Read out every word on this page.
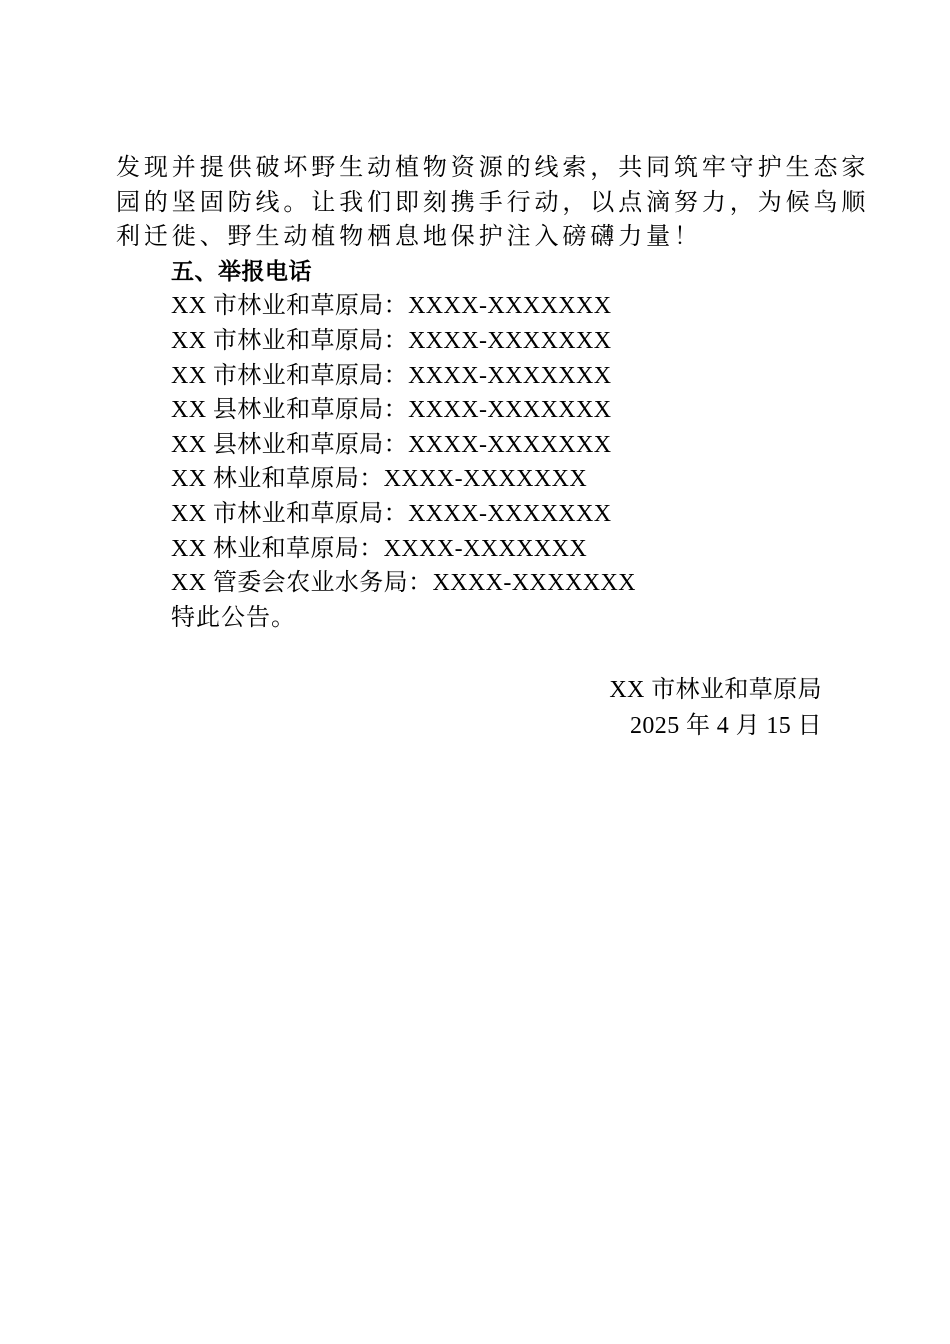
发现并提供破坏野生动植物资源的线索，共同筑牢守护生态家
园的坚固防线。让我们即刻携手行动，以点滴努力，为候鸟顺
利迁徙、野生动植物栖息地保护注入磅礴力量！
五、举报电话
XX 市林业和草原局：XXXX-XXXXXXX
XX 市林业和草原局：XXXX-XXXXXXX
XX 市林业和草原局：XXXX-XXXXXXX
XX 县林业和草原局：XXXX-XXXXXXX
XX 县林业和草原局：XXXX-XXXXXXX
XX 林业和草原局：XXXX-XXXXXXX
XX 市林业和草原局：XXXX-XXXXXXX
XX 林业和草原局：XXXX-XXXXXXX
XX 管委会农业水务局：XXXX-XXXXXXX
特此公告。
XX 市林业和草原局
2025 年 4 月 15 日
